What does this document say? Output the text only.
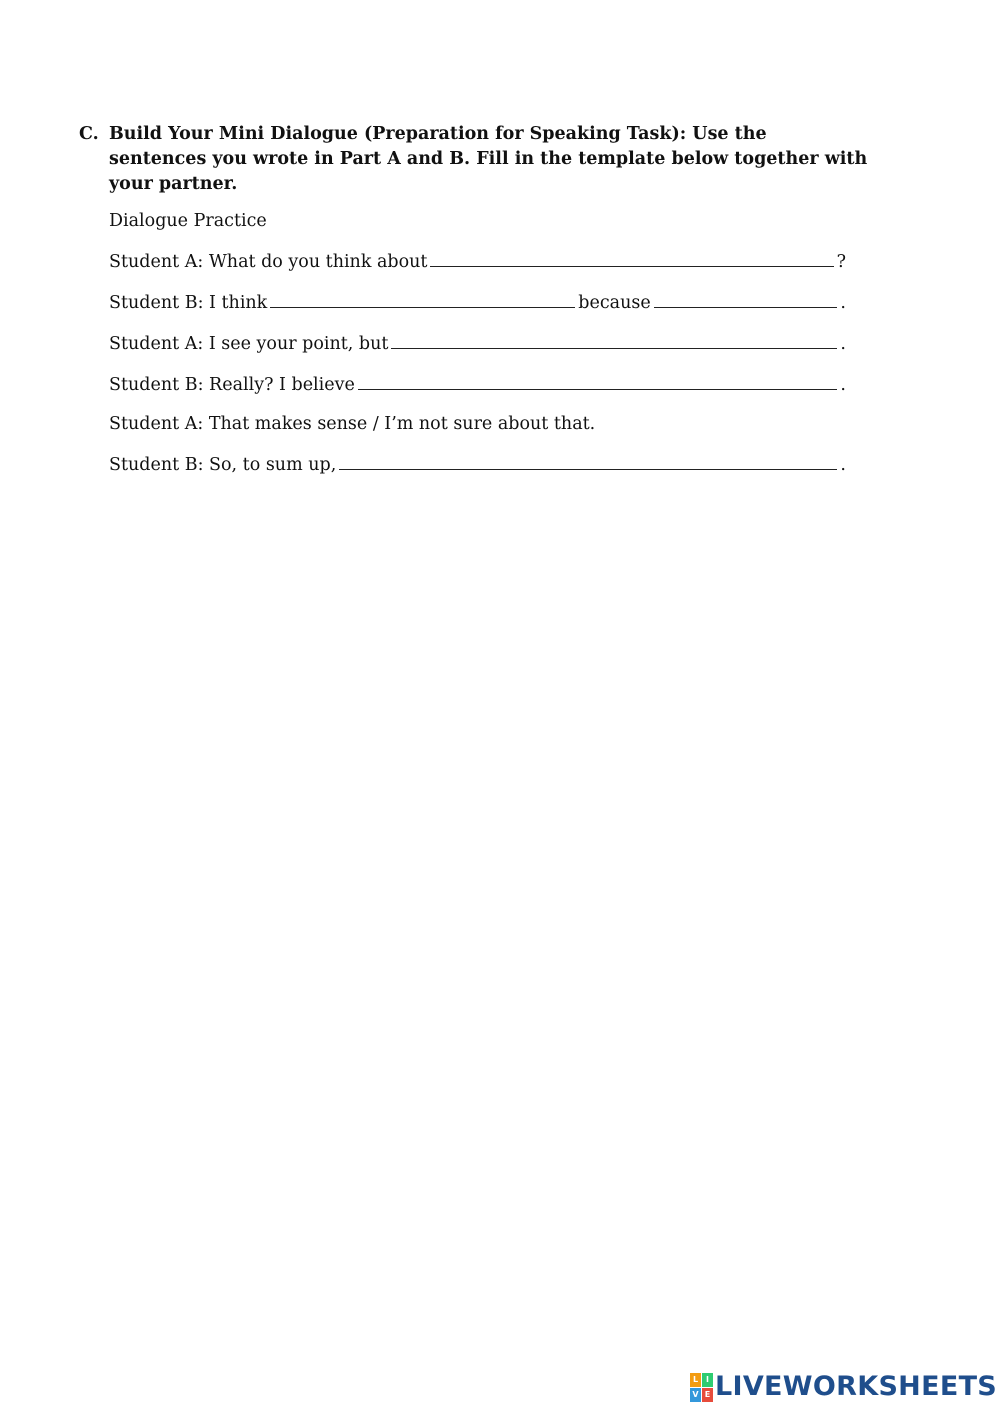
C. Build Your Mini Dialogue (Preparation for Speaking Task): Use the sentences you wrote in Part A and B. Fill in the template below together with your partner.
Dialogue Practice
Student A: What do you think about	?
Student B: I think	because	.
Student A: I see your point, but	.
Student B: Really? I believe	.
Student A: That makes sense / I’m not sure about that.
Student B: So, to sum up,	.
L I
V E LIVEWORKSHEETS
